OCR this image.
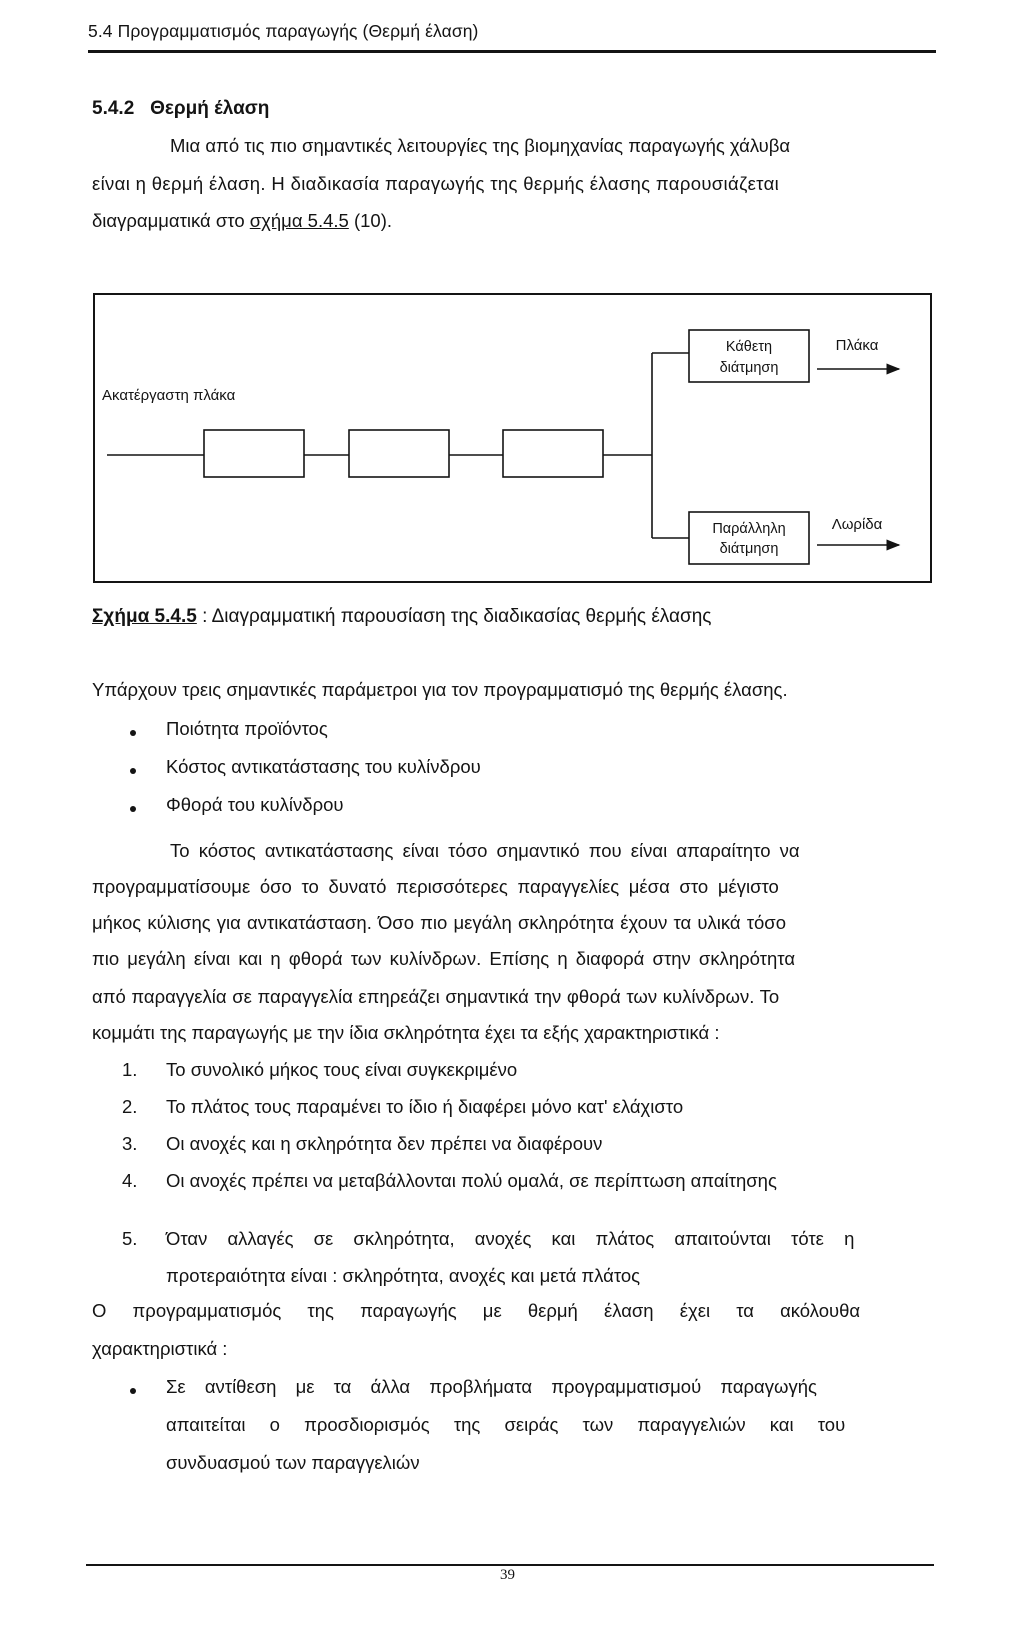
5.4 Προγραμματισμός παραγωγής (Θερμή έλαση)
5.4.2 Θερμή έλαση
Μια από τις πιο σημαντικές λειτουργίες της βιομηχανίας παραγωγής χάλυβα
είναι η θερμή έλαση. Η διαδικασία παραγωγής της θερμής έλασης παρουσιάζεται
διαγραμματικά στο σχήμα 5.4.5 (10).
Ακατέργαστη πλάκα
Κάθετη
διάτμηση
Παράλληλη
διάτμηση
Πλάκα
Λωρίδα
Σχήμα 5.4.5 : Διαγραμματική παρουσίαση της διαδικασίας θερμής έλασης
Υπάρχουν τρεις σημαντικές παράμετροι για τον προγραμματισμό της θερμής έλασης.
Ποιότητα προϊόντος
Κόστος αντικατάστασης του κυλίνδρου
Φθορά του κυλίνδρου
Το κόστος αντικατάστασης είναι τόσο σημαντικό που είναι απαραίτητο να
προγραμματίσουμε όσο το δυνατό περισσότερες παραγγελίες μέσα στο μέγιστο
μήκος κύλισης για αντικατάσταση. Όσο πιο μεγάλη σκληρότητα έχουν τα υλικά τόσο
πιο μεγάλη είναι και η φθορά των κυλίνδρων. Επίσης η διαφορά στην σκληρότητα
από παραγγελία σε παραγγελία επηρεάζει σημαντικά την φθορά των κυλίνδρων. Το
κομμάτι της παραγωγής με την ίδια σκληρότητα έχει τα εξής χαρακτηριστικά :
1. Το συνολικό μήκος τους είναι συγκεκριμένο
2. Το πλάτος τους παραμένει το ίδιο ή διαφέρει μόνο κατ' ελάχιστο
3. Οι ανοχές και η σκληρότητα δεν πρέπει να διαφέρουν
4. Οι ανοχές πρέπει να μεταβάλλονται πολύ ομαλά, σε περίπτωση απαίτησης
5. Όταν αλλαγές σε σκληρότητα, ανοχές και πλάτος απαιτούνται τότε η
προτεραιότητα είναι : σκληρότητα, ανοχές και μετά πλάτος
Ο προγραμματισμός της παραγωγής με θερμή έλαση έχει τα ακόλουθα
χαρακτηριστικά :
Σε αντίθεση με τα άλλα προβλήματα προγραμματισμού παραγωγής
απαιτείται ο προσδιορισμός της σειράς των παραγγελιών και του
συνδυασμού των παραγγελιών
39
